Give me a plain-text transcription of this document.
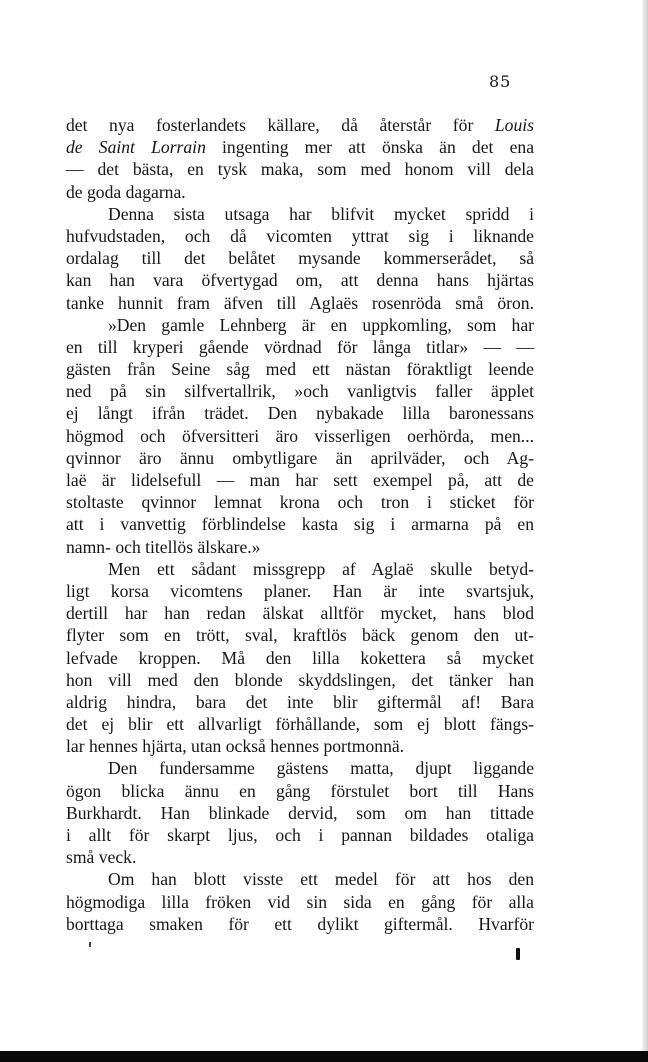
85
det nya fosterlandets källare, då återstår för Louis
de Saint Lorrain ingenting mer att önska än det ena
— det bästa, en tysk maka, som med honom vill dela
de goda dagarna.
Denna sista utsaga har blifvit mycket spridd i
hufvudstaden, och då vicomten yttrat sig i liknande
ordalag till det belåtet mysande kommerserådet, så
kan han vara öfvertygad om, att denna hans hjärtas
tanke hunnit fram äfven till Aglaës rosenröda små öron.
»Den gamle Lehnberg är en uppkomling, som har
en till kryperi gående vördnad för långa titlar» — —
gästen från Seine såg med ett nästan föraktligt leende
ned på sin silfvertallrik, »och vanligtvis faller äpplet
ej långt ifrån trädet. Den nybakade lilla baronessans
högmod och öfversitteri äro visserligen oerhörda, men...
qvinnor äro ännu ombytligare än aprilväder, och Ag-
laë är lidelsefull — man har sett exempel på, att de
stoltaste qvinnor lemnat krona och tron i sticket för
att i vanvettig förblindelse kasta sig i armarna på en
namn- och titellös älskare.»
Men ett sådant missgrepp af Aglaë skulle betyd-
ligt korsa vicomtens planer. Han är inte svartsjuk,
dertill har han redan älskat alltför mycket, hans blod
flyter som en trött, sval, kraftlös bäck genom den ut-
lefvade kroppen. Må den lilla kokettera så mycket
hon vill med den blonde skyddslingen, det tänker han
aldrig hindra, bara det inte blir giftermål af! Bara
det ej blir ett allvarligt förhållande, som ej blott fängs-
lar hennes hjärta, utan också hennes portmonnä.
Den fundersamme gästens matta, djupt liggande
ögon blicka ännu en gång förstulet bort till Hans
Burkhardt. Han blinkade dervid, som om han tittade
i allt för skarpt ljus, och i pannan bildades otaliga
små veck.
Om han blott visste ett medel för att hos den
högmodiga lilla fröken vid sin sida en gång för alla
borttaga smaken för ett dylikt giftermål. Hvarför
